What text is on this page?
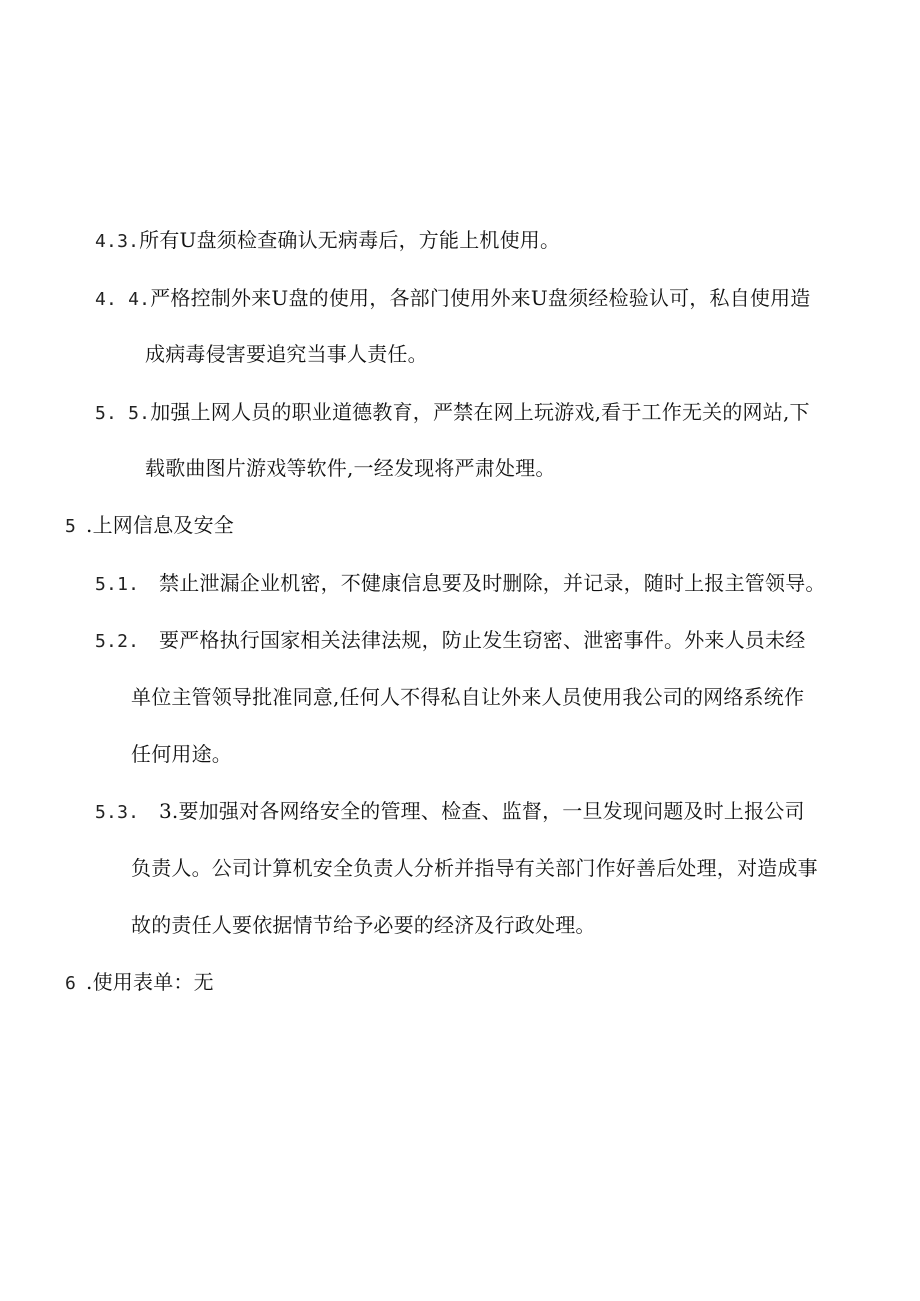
4.3.所有U盘须检查确认无病毒后，方能上机使用。
4. 4.严格控制外来U盘的使用，各部门使用外来U盘须经检验认可，私自使用造
成病毒侵害要追究当事人责任。
5. 5.加强上网人员的职业道德教育，严禁在网上玩游戏,看于工作无关的网站,下
载歌曲图片游戏等软件,一经发现将严肃处理。
5 .上网信息及安全
5.1. 禁止泄漏企业机密，不健康信息要及时删除，并记录，随时上报主管领导。
5.2. 要严格执行国家相关法律法规，防止发生窃密、泄密事件。外来人员未经
单位主管领导批准同意,任何人不得私自让外来人员使用我公司的网络系统作
任何用途。
5.3. 3.要加强对各网络安全的管理、检查、监督，一旦发现问题及时上报公司
负责人。公司计算机安全负责人分析并指导有关部门作好善后处理，对造成事
故的责任人要依据情节给予必要的经济及行政处理。
6 .使用表单：无
